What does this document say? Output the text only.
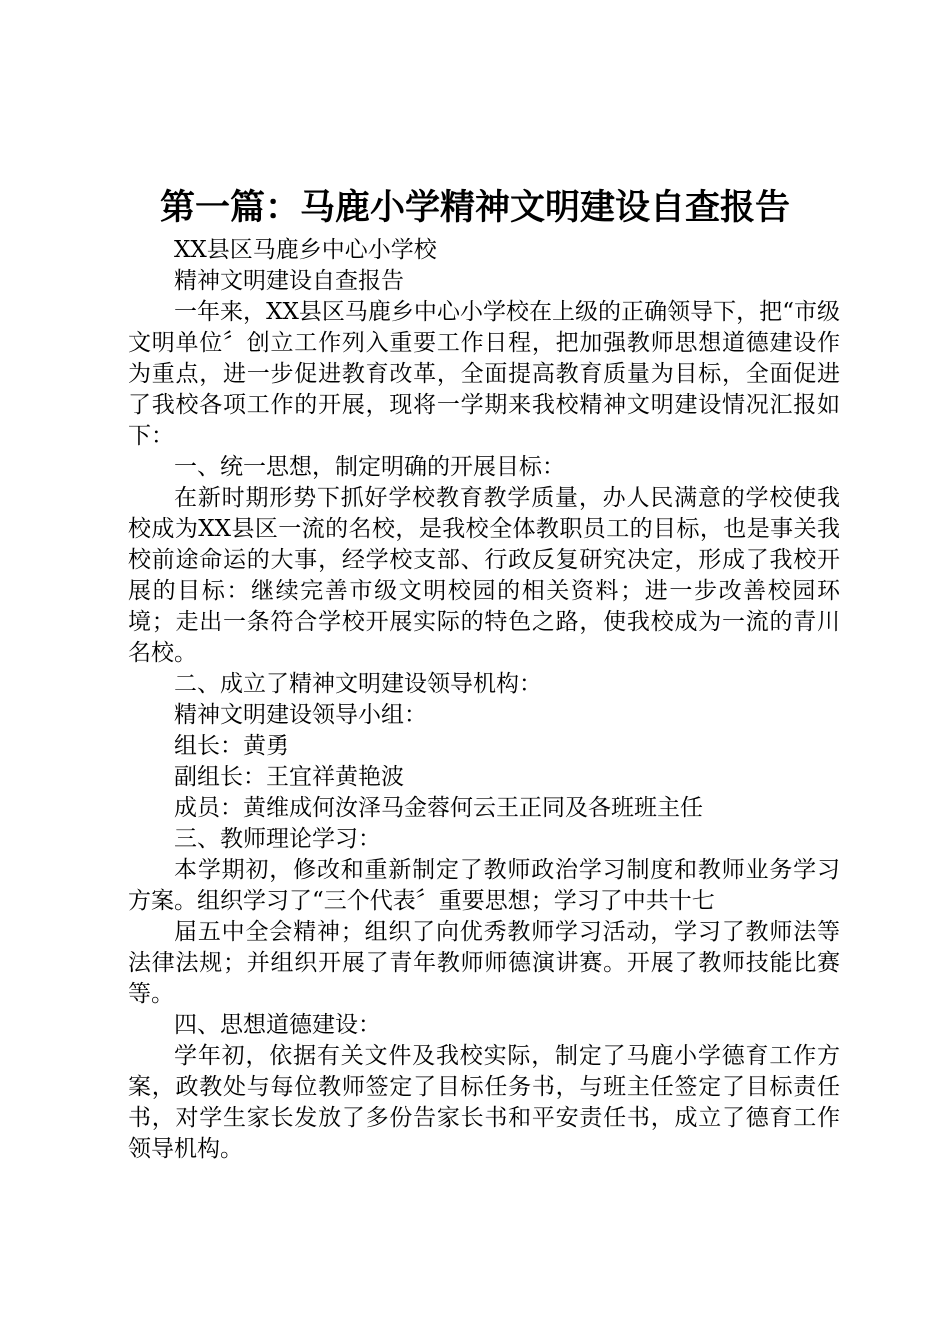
第一篇：马鹿小学精神文明建设自查报告

XX县区马鹿乡中心小学校

精神文明建设自查报告

一年来，XX县区马鹿乡中心小学校在上级的正确领导下，把“市级文明单位〞创立工作列入重要工作日程，把加强教师思想道德建设作为重点，进一步促进教育改革，全面提高教育质量为目标，全面促进了我校各项工作的开展，现将一学期来我校精神文明建设情况汇报如下：

一、统一思想，制定明确的开展目标：

在新时期形势下抓好学校教育教学质量，办人民满意的学校使我校成为XX县区一流的名校，是我校全体教职员工的目标，也是事关我校前途命运的大事，经学校支部、行政反复研究决定，形成了我校开展的目标：继续完善市级文明校园的相关资料；进一步改善校园环境；走出一条符合学校开展实际的特色之路，使我校成为一流的青川名校。

二、成立了精神文明建设领导机构：

精神文明建设领导小组：

组长：黄勇

副组长：王宜祥黄艳波

成员：黄维成何汝泽马金蓉何云王正同及各班班主任

三、教师理论学习：

本学期初，修改和重新制定了教师政治学习制度和教师业务学习方案。组织学习了“三个代表〞重要思想；学习了中共十七

届五中全会精神；组织了向优秀教师学习活动，学习了教师法等法律法规；并组织开展了青年教师师德演讲赛。开展了教师技能比赛等。

四、思想道德建设：

学年初，依据有关文件及我校实际，制定了马鹿小学德育工作方案，政教处与每位教师签定了目标任务书，与班主任签定了目标责任书，对学生家长发放了多份告家长书和平安责任书，成立了德育工作领导机构。
